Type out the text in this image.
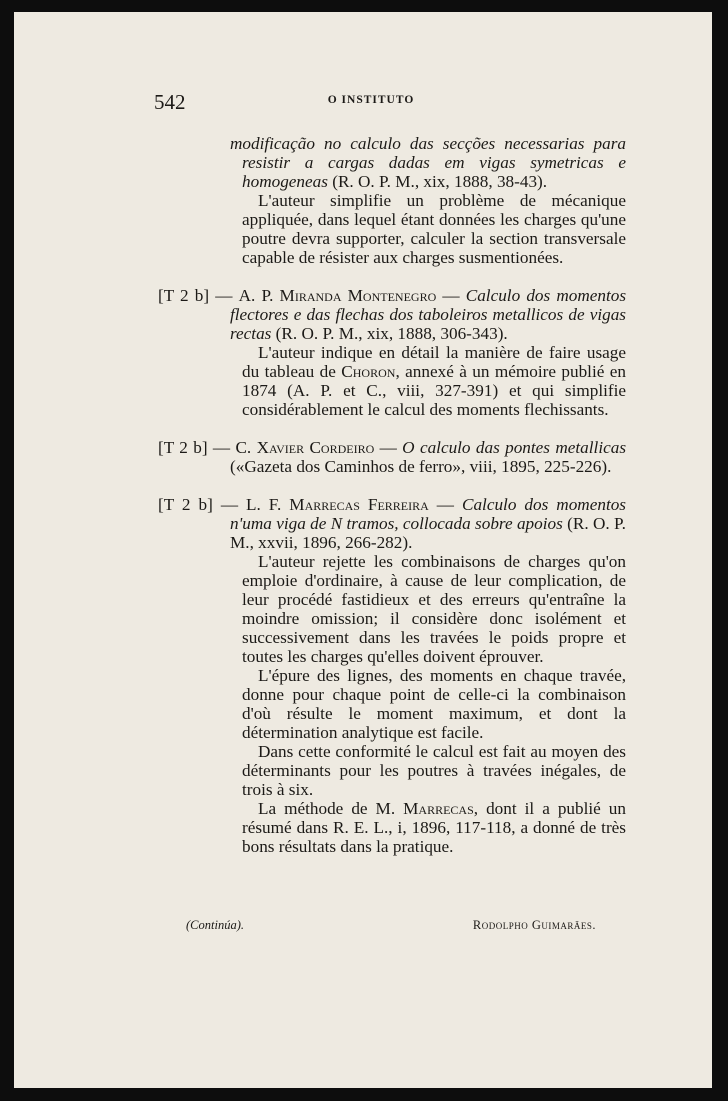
542	O INSTITUTO

modificação no calculo das secções necessarias para resistir a cargas dadas em vigas symetricas e homogeneas (R. O. P. M., xix, 1888, 38-43).

L'auteur simplifie un problème de mécanique appliquée, dans lequel étant données les charges qu'une poutre devra supporter, calculer la section transversale capable de résister aux charges susmentionées.

[T 2 b] — A. P. Miranda Montenegro — Calculo dos momentos flectores e das flechas dos taboleiros metallicos de vigas rectas (R. O. P. M., xix, 1888, 306-343).

L'auteur indique en détail la manière de faire usage du tableau de Choron, annexé à un mémoire publié en 1874 (A. P. et C., viii, 327-391) et qui simplifie considérablement le calcul des moments flechissants.

[T 2 b] — C. Xavier Cordeiro — O calculo das pontes metallicas («Gazeta dos Caminhos de ferro», viii, 1895, 225-226).

[T 2 b] — L. F. Marrecas Ferreira — Calculo dos momentos n'uma viga de N tramos, collocada sobre apoios (R. O. P. M., xxvii, 1896, 266-282).

L'auteur rejette les combinaisons de charges qu'on emploie d'ordinaire, à cause de leur complication, de leur procédé fastidieux et des erreurs qu'entraîne la moindre omission; il considère donc isolément et successivement dans les travées le poids propre et toutes les charges qu'elles doivent éprouver.

L'épure des lignes, des moments en chaque travée, donne pour chaque point de celle-ci la combinaison d'où résulte le moment maximum, et dont la détermination analytique est facile.

Dans cette conformité le calcul est fait au moyen des déterminants pour les poutres à travées inégales, de trois à six.

La méthode de M. Marrecas, dont il a publié un résumé dans R. E. L., i, 1896, 117-118, a donné de très bons résultats dans la pratique.

(Continúa).	Rodolpho Guimarães.
